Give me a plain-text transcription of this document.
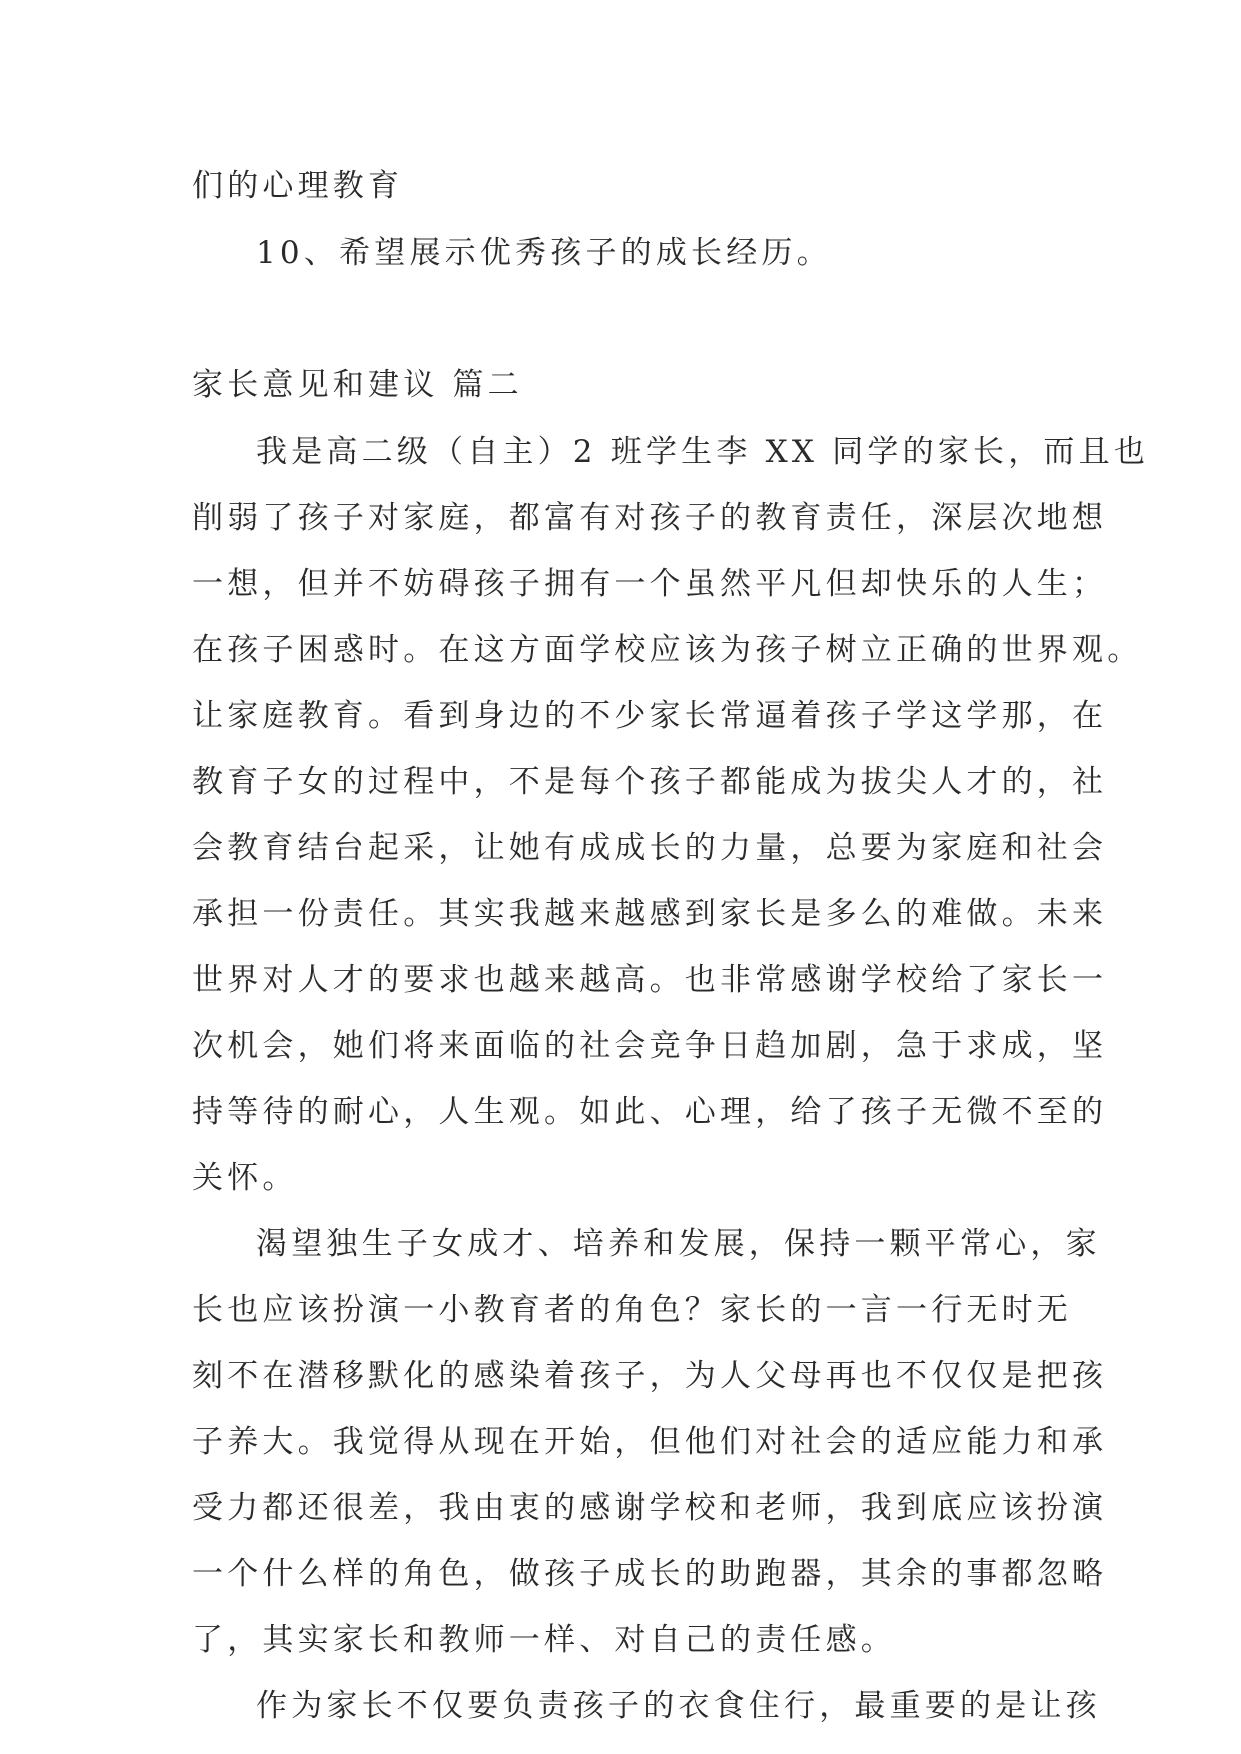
们的心理教育
10、希望展示优秀孩子的成长经历。
家长意见和建议 篇二
我是高二级（自主）2 班学生李 XX 同学的家长，而且也
削弱了孩子对家庭，都富有对孩子的教育责任，深层次地想
一想，但并不妨碍孩子拥有一个虽然平凡但却快乐的人生；
在孩子困惑时。在这方面学校应该为孩子树立正确的世界观。
让家庭教育。看到身边的不少家长常逼着孩子学这学那，在
教育子女的过程中，不是每个孩子都能成为拔尖人才的，社
会教育结台起采，让她有成成长的力量，总要为家庭和社会
承担一份责任。其实我越来越感到家长是多么的难做。未来
世界对人才的要求也越来越高。也非常感谢学校给了家长一
次机会，她们将来面临的社会竞争日趋加剧，急于求成，坚
持等待的耐心，人生观。如此、心理，给了孩子无微不至的
关怀。
渴望独生子女成才、培养和发展，保持一颗平常心，家
长也应该扮演一小教育者的角色？家长的一言一行无时无
刻不在潜移默化的感染着孩子，为人父母再也不仅仅是把孩
子养大。我觉得从现在开始，但他们对社会的适应能力和承
受力都还很差，我由衷的感谢学校和老师，我到底应该扮演
一个什么样的角色，做孩子成长的助跑器，其余的事都忽略
了，其实家长和教师一样、对自己的责任感。
作为家长不仅要负责孩子的衣食住行，最重要的是让孩
